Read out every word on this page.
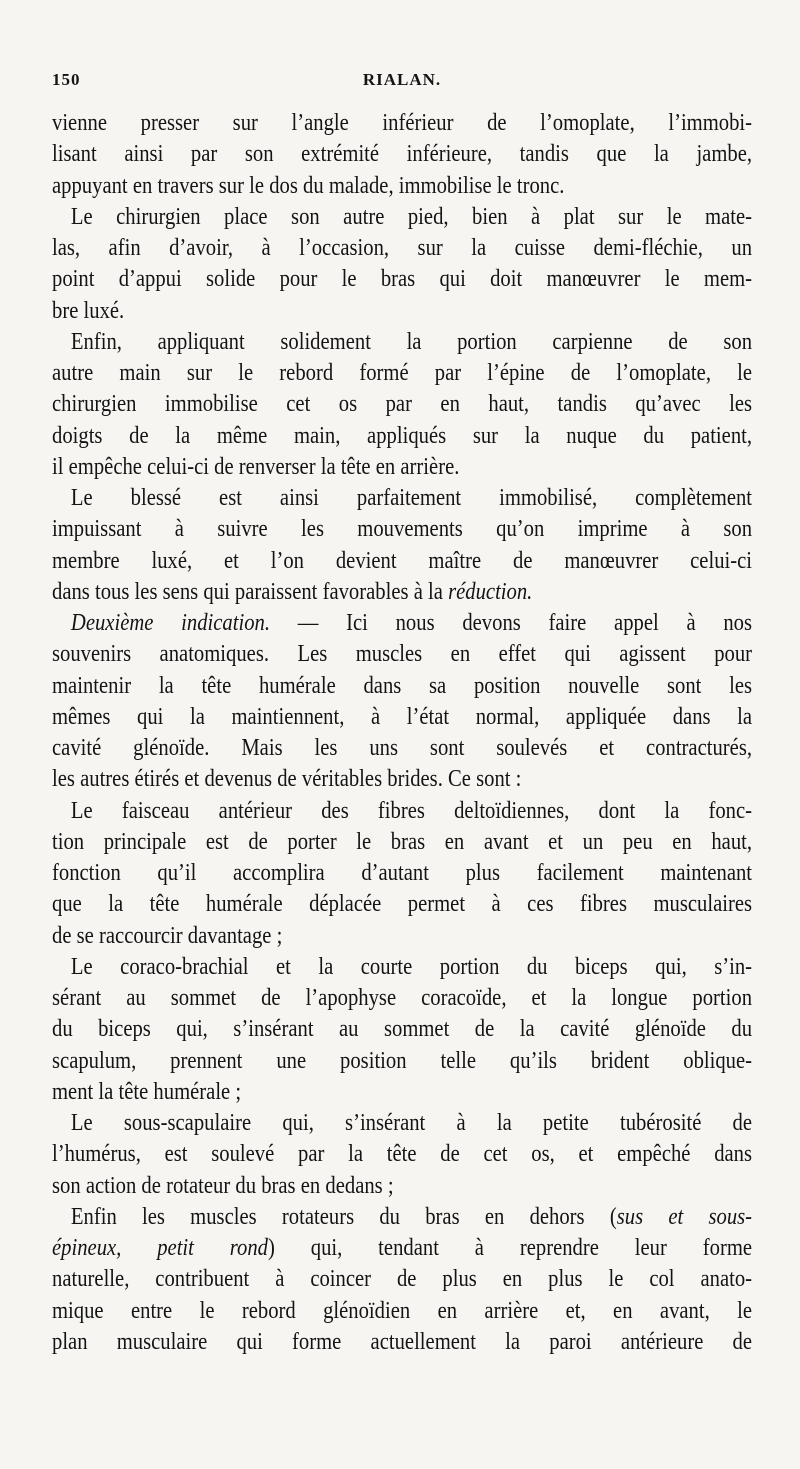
150	RIALAN.

vienne presser sur l’angle inférieur de l’omoplate, l’immobi-

lisant ainsi par son extrémité inférieure, tandis que la jambe,

appuyant en travers sur le dos du malade, immobilise le tronc.

Le chirurgien place son autre pied, bien à plat sur le mate-

las, afin d’avoir, à l’occasion, sur la cuisse demi-fléchie, un

point d’appui solide pour le bras qui doit manœuvrer le mem-

bre luxé.

Enfin, appliquant solidement la portion carpienne de son

autre main sur le rebord formé par l’épine de l’omoplate, le

chirurgien immobilise cet os par en haut, tandis qu’avec les

doigts de la même main, appliqués sur la nuque du patient,

il empêche celui-ci de renverser la tête en arrière.

Le blessé est ainsi parfaitement immobilisé, complètement

impuissant à suivre les mouvements qu’on imprime à son

membre luxé, et l’on devient maître de manœuvrer celui-ci

dans tous les sens qui paraissent favorables à la réduction.

Deuxième indication. — Ici nous devons faire appel à nos

souvenirs anatomiques. Les muscles en effet qui agissent pour

maintenir la tête humérale dans sa position nouvelle sont les

mêmes qui la maintiennent, à l’état normal, appliquée dans la

cavité glénoïde. Mais les uns sont soulevés et contracturés,

les autres étirés et devenus de véritables brides. Ce sont :

Le faisceau antérieur des fibres deltoïdiennes, dont la fonc-

tion principale est de porter le bras en avant et un peu en haut,

fonction qu’il accomplira d’autant plus facilement maintenant

que la tête humérale déplacée permet à ces fibres musculaires

de se raccourcir davantage ;

Le coraco-brachial et la courte portion du biceps qui, s’in-

sérant au sommet de l’apophyse coracoïde, et la longue portion

du biceps qui, s’insérant au sommet de la cavité glénoïde du

scapulum, prennent une position telle qu’ils brident oblique-

ment la tête humérale ;

Le sous-scapulaire qui, s’insérant à la petite tubérosité de

l’humérus, est soulevé par la tête de cet os, et empêché dans

son action de rotateur du bras en dedans ;

Enfin les muscles rotateurs du bras en dehors (sus et sous-

épineux, petit rond) qui, tendant à reprendre leur forme

naturelle, contribuent à coincer de plus en plus le col anato-

mique entre le rebord glénoïdien en arrière et, en avant, le

plan musculaire qui forme actuellement la paroi antérieure de
